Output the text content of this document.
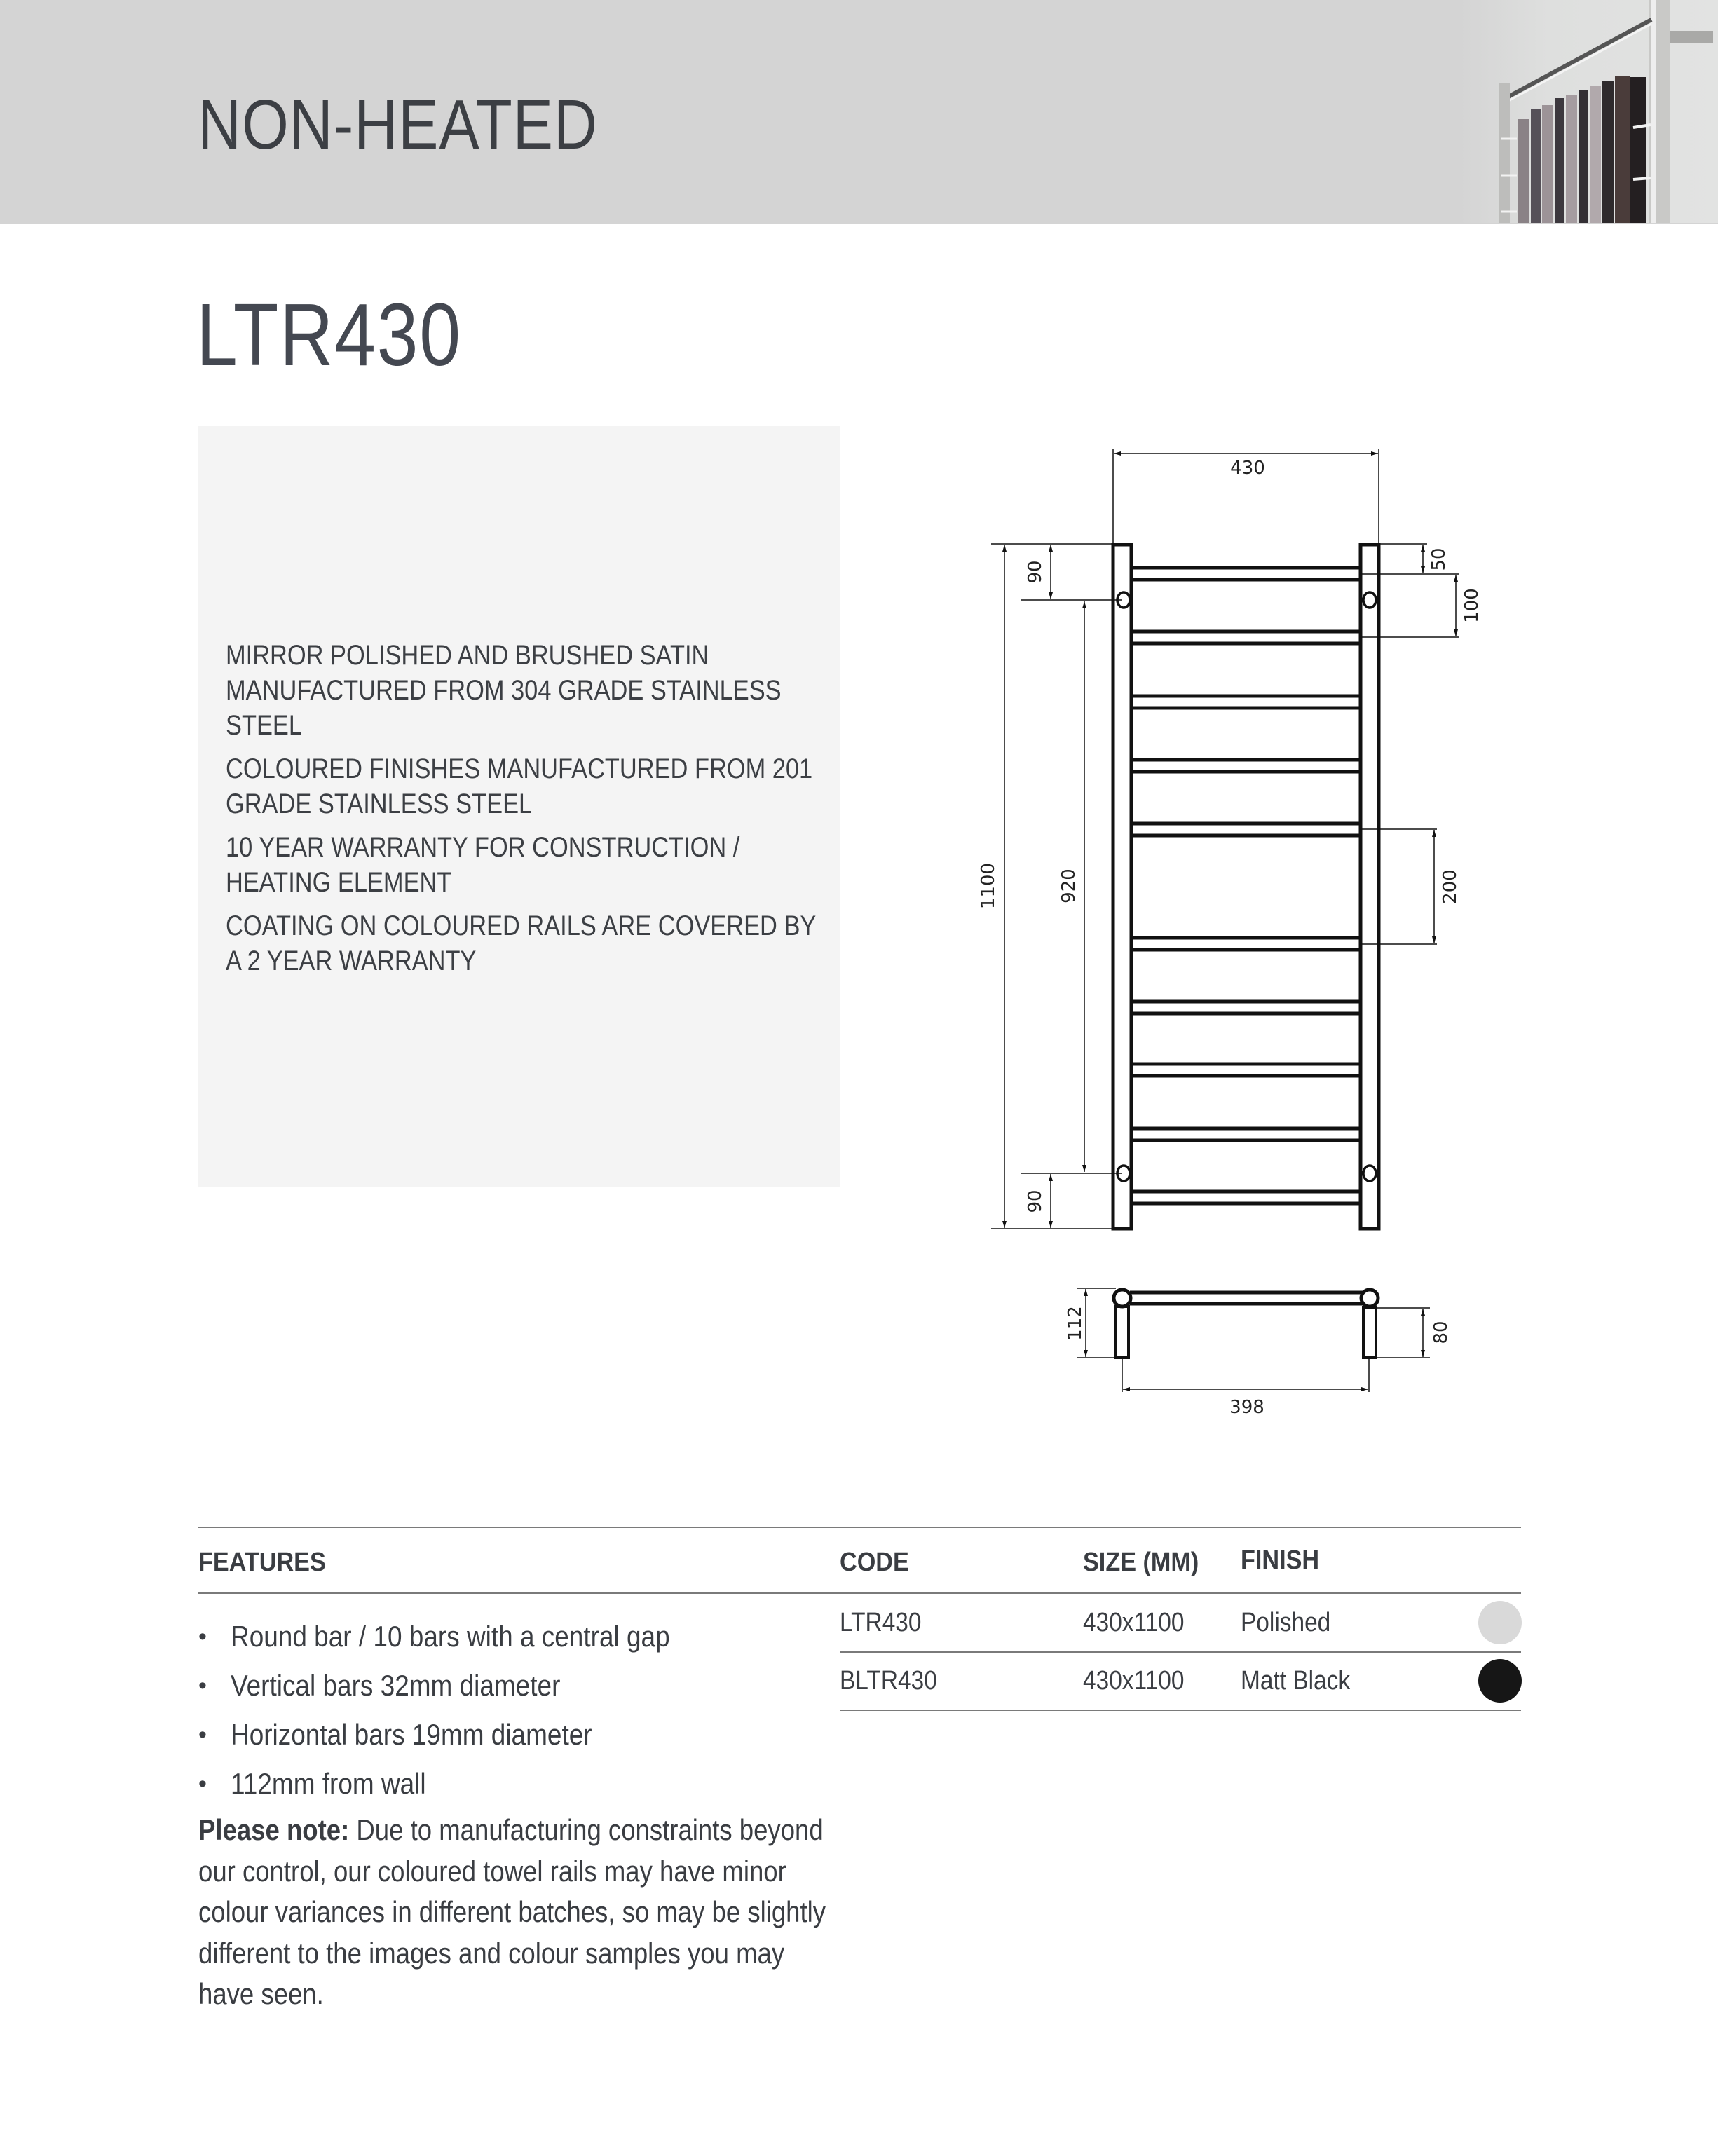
NON-HEATED
LTR430

MIRROR POLISHED AND BRUSHED SATIN MANUFACTURED FROM 304 GRADE STAINLESS STEEL

COLOURED FINISHES MANUFACTURED FROM 201 GRADE STAINLESS STEEL

10 YEAR WARRANTY FOR CONSTRUCTION / HEATING ELEMENT

COATING ON COLOURED RAILS ARE COVERED BY A 2 YEAR WARRANTY

430
1100	920
90
90
50
100
200
112	80
398
FEATURES	CODE	SIZE (MM) FINISH
LTR430	430x1100 Polished
BLTR430	430x1100 Matt Black
• Round bar / 10 bars with a central gap
• Vertical bars 32mm diameter
• Horizontal bars 19mm diameter
• 112mm from wall
Please note: Due to manufacturing constraints beyond our control, our coloured towel rails may have minor colour variances in different batches, so may be slightly different to the images and colour samples you may have seen.
